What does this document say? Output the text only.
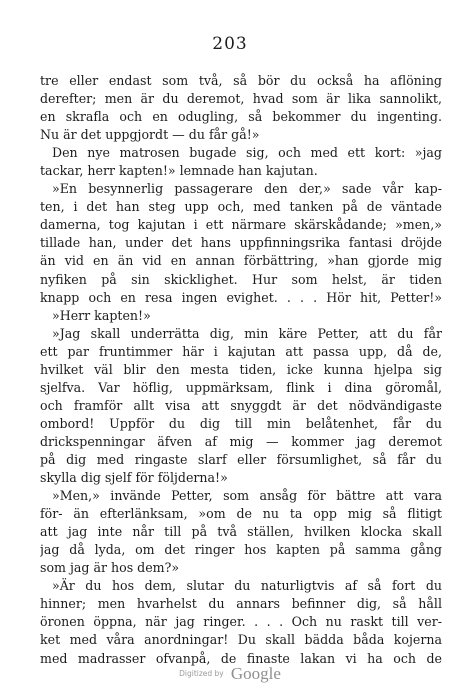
203
tre eller endast som två, så bör du också ha aflöning
derefter; men är du deremot, hvad som är lika sannolikt,
en skrafla och en odugling, så bekommer du ingenting.
Nu är det uppgjordt — du får gå!»
Den nye matrosen bugade sig, och med ett kort: »jag
tackar, herr kapten!» lemnade han kajutan.
»En besynnerlig passagerare den der,» sade vår kap-
ten, i det han steg upp och, med tanken på de väntade
damerna, tog kajutan i ett närmare skärskådande; »men,»
tillade han, under det hans uppfinningsrika fantasi dröjde
än vid en än vid en annan förbättring, »han gjorde mig
nyfiken på sin skicklighet. Hur som helst, är tiden
knapp och en resa ingen evighet. . . . Hör hit, Petter!»
»Herr kapten!»
»Jag skall underrätta dig, min käre Petter, att du får
ett par fruntimmer här i kajutan att passa upp, då de,
hvilket väl blir den mesta tiden, icke kunna hjelpa sig
sjelfva. Var höflig, uppmärksam, flink i dina göromål,
och framför allt visa att snyggdt är det nödvändigaste
ombord! Uppför du dig till min belåtenhet, får du
drickspenningar äfven af mig — kommer jag deremot
på dig med ringaste slarf eller försumlighet, så får du
skylla dig sjelf för följderna!»
»Men,» invände Petter, som ansåg för bättre att vara
för- än efterlänksam, »om de nu ta opp mig så flitigt
att jag inte når till på två ställen, hvilken klocka skall
jag då lyda, om det ringer hos kapten på samma gång
som jag är hos dem?»
»Är du hos dem, slutar du naturligtvis af så fort du
hinner; men hvarhelst du annars befinner dig, så håll
öronen öppna, när jag ringer. . . . Och nu raskt till ver-
ket med våra anordningar! Du skall bädda båda kojerna
med madrasser ofvanpå, de finaste lakan vi ha och de
Digitized by Google
